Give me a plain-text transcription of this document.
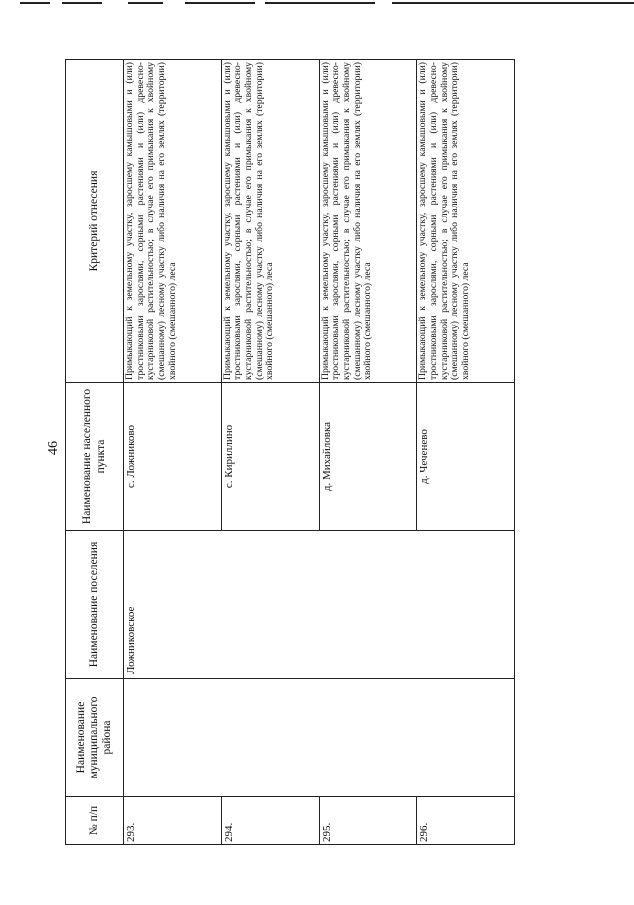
46
№ п/п	Наименование муниципального района	Наименование поселения	Наименование населенного пункта	Критерий отнесения
293.		Ложниковское	с. Ложниково	Примыкающий к земельному участку, заросшему камышовыми и (или) тростниковыми зарослями, сорными растениями и (или) древесно-кустарниковой растительностью; в случае его примыкания к хвойному (смешанному) лесному участку либо наличия на его землях (территории) хвойного (смешанного) леса
294.			с. Кириллино	Примыкающий к земельному участку, заросшему камышовыми и (или) тростниковыми зарослями, сорными растениями и (или) древесно-кустарниковой растительностью; в случае его примыкания к хвойному (смешанному) лесному участку либо наличия на его землях (территории) хвойного (смешанного) леса
295.			д. Михайловка	Примыкающий к земельному участку, заросшему камышовыми и (или) тростниковыми зарослями, сорными растениями и (или) древесно-кустарниковой растительностью; в случае его примыкания к хвойному (смешанному) лесному участку либо наличия на его землях (территории) хвойного (смешанного) леса
296.			д. Чеченево	Примыкающий к земельному участку, заросшему камышовыми и (или) тростниковыми зарослями, сорными растениями и (или) древесно-кустарниковой растительностью; в случае его примыкания к хвойному (смешанному) лесному участку либо наличия на его землях (территории) хвойного (смешанного) леса
